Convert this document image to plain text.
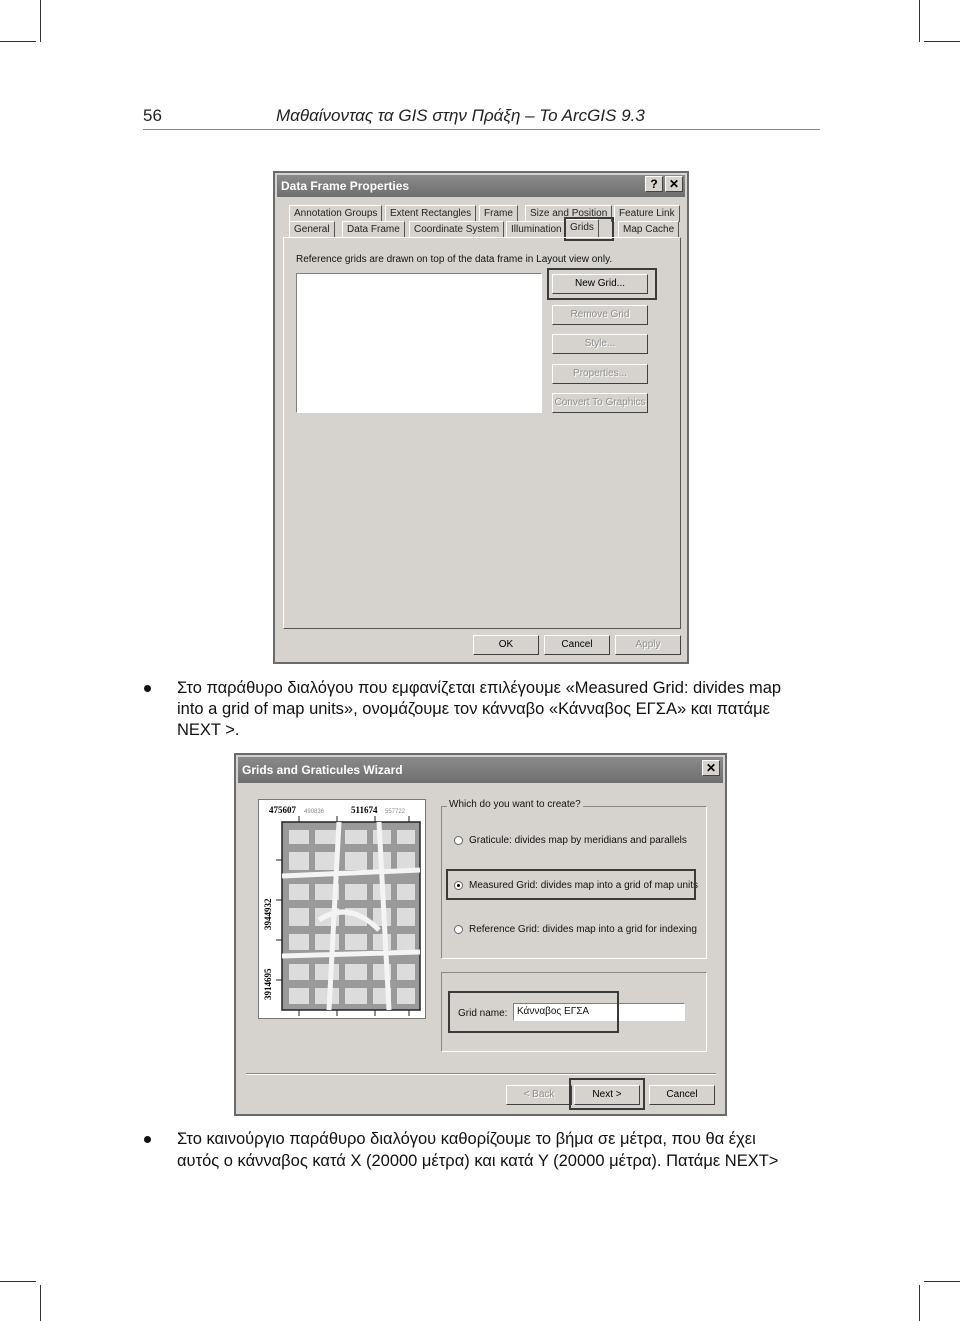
56	Μαθαίνοντας τα GIS στην Πράξη – To ArcGIS 9.3
Data Frame Properties	? ✕
Annotation Groups	Extent Rectangles	Frame	Size and Position	Feature Link
General	Data Frame	Coordinate System	Illumination Grids	Map Cache
Reference grids are drawn on top of the data frame in Layout view only.
New Grid...
Remove Grid
Style...
Properties...
Convert To Graphics
OK	Cancel	Apply
Στο παράθυρο διαλόγου που εμφανίζεται επιλέγουμε «Measured Grid: divides map
into a grid of map units», ονομάζουμε τον κάνναβο «Κάνναβος ΕΓΣΑ» και πατάμε
NEXT >.
Grids and Graticules Wizard	✕
475607 490836	511674 557722
3944932
3914695
Which do you want to create?
Graticule: divides map by meridians and parallels
Measured Grid: divides map into a grid of map units
Reference Grid: divides map into a grid for indexing
Grid name: Κάνναβος ΕΓΣΑ
< Back	Next >	Cancel
Στο καινούργιο παράθυρο διαλόγου καθορίζουμε το βήμα σε μέτρα, που θα έχει
αυτός ο κάνναβος κατά Χ (20000 μέτρα) και κατά Υ (20000 μέτρα). Πατάμε NEXT>
